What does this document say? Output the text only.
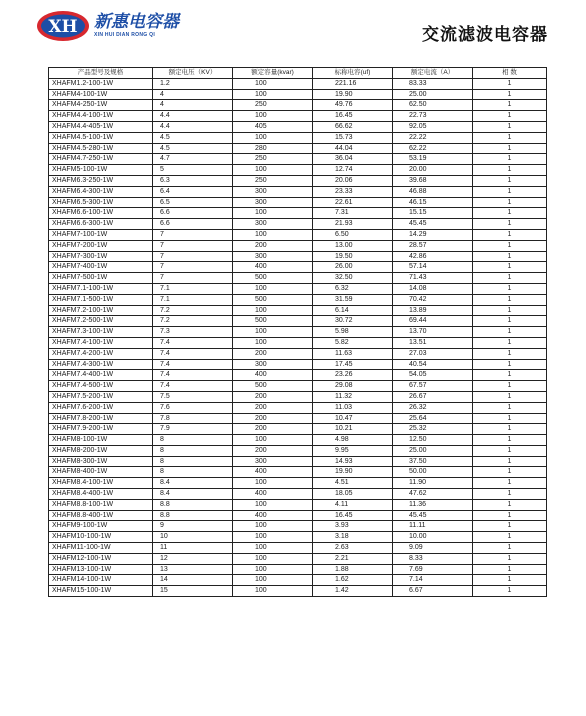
XH 新惠电容器
XIN HUI DIAN RONG QI	交流滤波电容器
产品型号及规格	额定电压（KV）	额定容量(kvar)	标称电容(uf)	额定电流（A）	相 数
XHAFM1.2-100-1W	1.2	100	221.16	83.33	1
XHAFM4-100-1W	4	100	19.90	25.00	1
XHAFM4-250-1W	4	250	49.76	62.50	1
XHAFM4.4-100-1W	4.4	100	16.45	22.73	1
XHAFM4.4-405-1W	4.4	405	66.62	92.05	1
XHAFM4.5-100-1W	4.5	100	15.73	22.22	1
XHAFM4.5-280-1W	4.5	280	44.04	62.22	1
XHAFM4.7-250-1W	4.7	250	36.04	53.19	1
XHAFM5-100-1W	5	100	12.74	20.00	1
XHAFM6.3-250-1W	6.3	250	20.06	39.68	1
XHAFM6.4-300-1W	6.4	300	23.33	46.88	1
XHAFM6.5-300-1W	6.5	300	22.61	46.15	1
XHAFM6.6-100-1W	6.6	100	7.31	15.15	1
XHAFM6.6-300-1W	6.6	300	21.93	45.45	1
XHAFM7-100-1W	7	100	6.50	14.29	1
XHAFM7-200-1W	7	200	13.00	28.57	1
XHAFM7-300-1W	7	300	19.50	42.86	1
XHAFM7-400-1W	7	400	26.00	57.14	1
XHAFM7-500-1W	7	500	32.50	71.43	1
XHAFM7.1-100-1W	7.1	100	6.32	14.08	1
XHAFM7.1-500-1W	7.1	500	31.59	70.42	1
XHAFM7.2-100-1W	7.2	100	6.14	13.89	1
XHAFM7.2-500-1W	7.2	500	30.72	69.44	1
XHAFM7.3-100-1W	7.3	100	5.98	13.70	1
XHAFM7.4-100-1W	7.4	100	5.82	13.51	1
XHAFM7.4-200-1W	7.4	200	11.63	27.03	1
XHAFM7.4-300-1W	7.4	300	17.45	40.54	1
XHAFM7.4-400-1W	7.4	400	23.26	54.05	1
XHAFM7.4-500-1W	7.4	500	29.08	67.57	1
XHAFM7.5-200-1W	7.5	200	11.32	26.67	1
XHAFM7.6-200-1W	7.6	200	11.03	26.32	1
XHAFM7.8-200-1W	7.8	200	10.47	25.64	1
XHAFM7.9-200-1W	7.9	200	10.21	25.32	1
XHAFM8-100-1W	8	100	4.98	12.50	1
XHAFM8-200-1W	8	200	9.95	25.00	1
XHAFM8-300-1W	8	300	14.93	37.50	1
XHAFM8-400-1W	8	400	19.90	50.00	1
XHAFM8.4-100-1W	8.4	100	4.51	11.90	1
XHAFM8.4-400-1W	8.4	400	18.05	47.62	1
XHAFM8.8-100-1W	8.8	100	4.11	11.36	1
XHAFM8.8-400-1W	8.8	400	16.45	45.45	1
XHAFM9-100-1W	9	100	3.93	11.11	1
XHAFM10-100-1W	10	100	3.18	10.00	1
XHAFM11-100-1W	11	100	2.63	9.09	1
XHAFM12-100-1W	12	100	2.21	8.33	1
XHAFM13-100-1W	13	100	1.88	7.69	1
XHAFM14-100-1W	14	100	1.62	7.14	1
XHAFM15-100-1W	15	100	1.42	6.67	1
